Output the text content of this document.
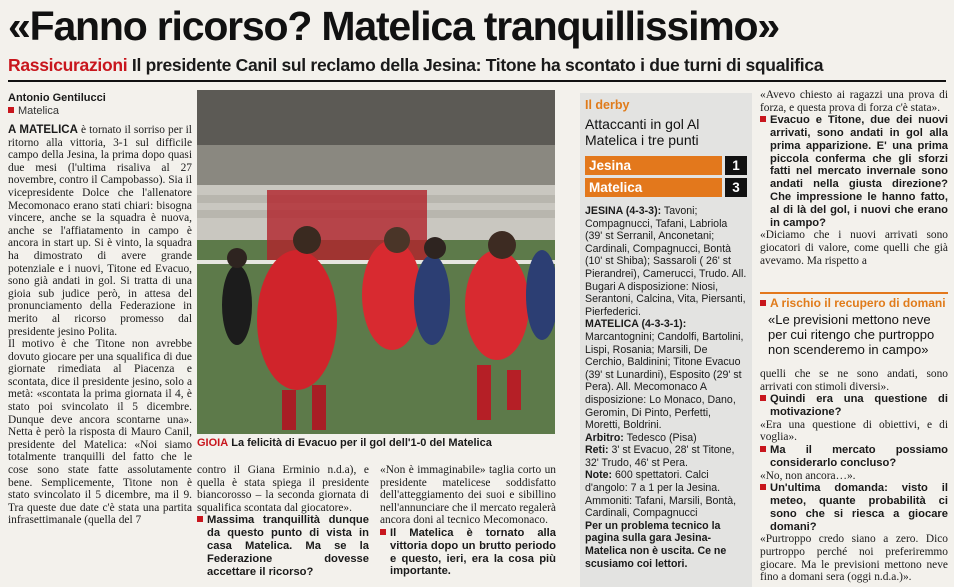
«Fanno ricorso? Matelica tranquillissimo»
Rassicurazioni Il presidente Canil sul reclamo della Jesina: Titone ha scontato i due turni di squalifica
Antonio Gentilucci
Matelica

A MATELICA è tornato il sorriso per il ritorno alla vittoria, 3-1 sul difficile campo della Jesina, la prima dopo quasi due mesi (l'ultima risaliva al 27 novembre, contro il Campobasso). Sia il vicepresidente Dolce che l'allenatore Mecomonaco erano stati chiari: bisogna vincere, anche se la squadra è nuova, anche se l'affiatamento in campo è ancora in start up. Si è vinto, la squadra ha dimostrato di avere grande potenziale e i nuovi, Titone ed Evacuo, sono già andati in gol. Si tratta di una gioia sub judice però, in attesa del pronunciamento della Federazione in merito al ricorso promesso dal presidente jesino Polita.

Il motivo è che Titone non avrebbe dovuto giocare per una squalifica di due giornate rimediata al Piacenza e scontata, dice il presidente jesino, solo a metà: «scontata la prima giornata il 4, è stato poi svincolato il 5 dicembre. Dunque deve ancora scontarne una». Netta è però la risposta di Mauro Canil, presidente del Matelica: «Noi siamo totalmente tranquilli del fatto che le cose sono state fatte assolutamente bene. Semplicemente, Titone non è stato svincolato il 5 dicembre, ma il 9. Tra queste due date c'è stata una partita infrasettimanale (quella del 7

GIOIA La felicità di Evacuo per il gol dell'1-0 del Matelica

contro il Giana Erminio n.d.a), e quella è stata spiega il presidente biancorosso – la seconda giornata di squalifica scontata dal giocatore».

Massima tranquillità dunque da questo punto di vista in casa Matelica. Ma se la Federazione dovesse accettare il ricorso?

«Non è immaginabile» taglia corto un presidente matelicese soddisfatto dell'atteggiamento dei suoi e sibillino nell'annunciare che il mercato regalerà ancora doni al tecnico Mecomonaco.

Il Matelica è tornato alla vittoria dopo un brutto periodo e questo, ieri, era la cosa più importante.

Il derby
Attaccanti in gol Al Matelica i tre punti
Jesina	1
Matelica	3
JESINA (4-3-3): Tavoni; Compagnucci, Tafani, Labriola (39' st Serranil, Anconetani; Cardinali, Compagnucci, Bontà (10' st Shiba); Sassaroli ( 26' st Pierandrei), Camerucci, Trudo. All. Bugari A disposizione: Niosi, Serantoni, Calcina, Vita, Piersanti, Pierfederici.
MATELICA (4-3-3-1): Marcantognini; Candolfi, Bartolini, Lispi, Rosania; Marsili, De Cerchio, Baldinini; Titone Evacuo (39' st Lunardini), Esposito (29' st Pera). All. Mecomonaco A disposizione: Lo Monaco, Dano, Geromin, Di Pinto, Perfetti, Moretti, Boldrini.
Arbitro: Tedesco (Pisa)
Reti: 3' st Evacuo, 28' st Titone, 32' Trudo, 46' st Pera.
Note: 600 spettatori. Calci d'angolo: 7 a 1 per la Jesina. Ammoniti: Tafani, Marsili, Bontà, Cardinali, Compagnucci
Per un problema tecnico la pagina sulla gara Jesina-Matelica non è uscita. Ce ne scusiamo coi lettori.

«Avevo chiesto ai ragazzi una prova di forza, e questa prova di forza c'è stata».

Evacuo e Titone, due dei nuovi arrivati, sono andati in gol alla prima apparizione. E' una prima piccola conferma che gli sforzi fatti nel mercato invernale sono andati nella giusta direzione? Che impressione le hanno fatto, al di là del gol, i nuovi che erano in campo?

«Diciamo che i nuovi arrivati sono giocatori di valore, come quelli che già avevamo. Ma rispetto a

A rischio il recupero di domani
«Le previsioni mettono neve per cui ritengo che purtroppo non scenderemo in campo»

quelli che se ne sono andati, sono arrivati con stimoli diversi».

Quindi era una questione di motivazione?

«Era una questione di obiettivi, e di voglia».

Ma il mercato possiamo considerarlo concluso?

«No, non ancora…».

Un'ultima domanda: visto il meteo, quante probabilità ci sono che si riesca a giocare domani?

«Purtroppo credo siano a zero. Dico purtroppo perché noi preferiremmo giocare. Ma le previsioni mettono neve fino a domani sera (oggi n.d.a.)».
